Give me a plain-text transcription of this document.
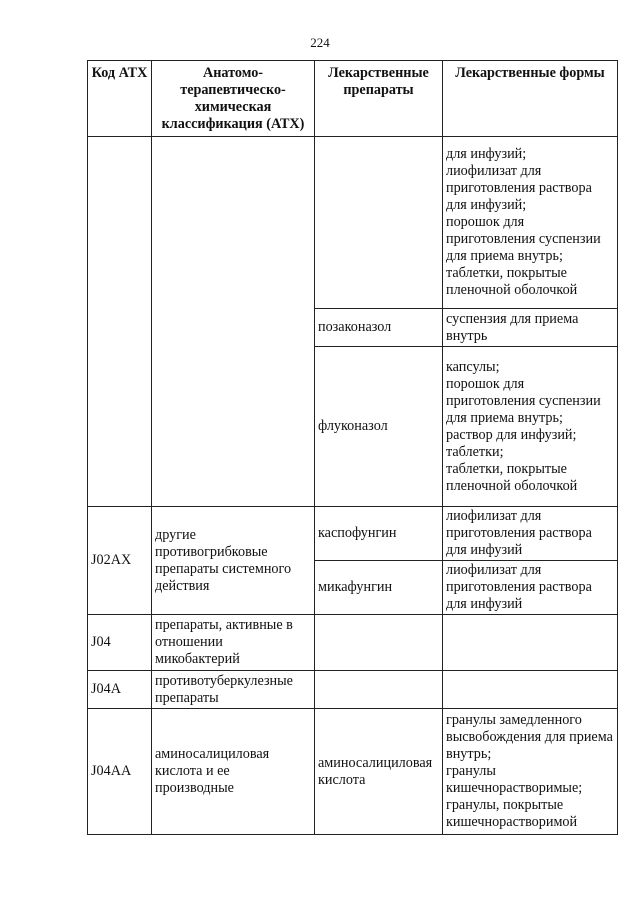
224
Код АТХ	Анатомо-терапевтическо-химическая классификация (АТХ)	Лекарственные препараты	Лекарственные формы
			для инфузий;
лиофилизат для приготовления раствора для инфузий;
порошок для приготовления суспензии для приема внутрь;
таблетки, покрытые пленочной оболочкой
		позаконазол	суспензия для приема внутрь
		флуконазол	капсулы;
порошок для приготовления суспензии для приема внутрь;
раствор для инфузий;
таблетки;
таблетки, покрытые пленочной оболочкой
J02AX	другие противогрибковые препараты системного действия	каспофунгин	лиофилизат для приготовления раствора для инфузий
		микафунгин	лиофилизат для приготовления раствора для инфузий
J04	препараты, активные в отношении микобактерий		
J04A	противотуберкулезные препараты		
J04AA	аминосалициловая кислота и ее производные	аминосалициловая кислота	гранулы замедленного высвобождения для приема внутрь;
гранулы кишечнорастворимые;
гранулы, покрытые кишечнорастворимой
